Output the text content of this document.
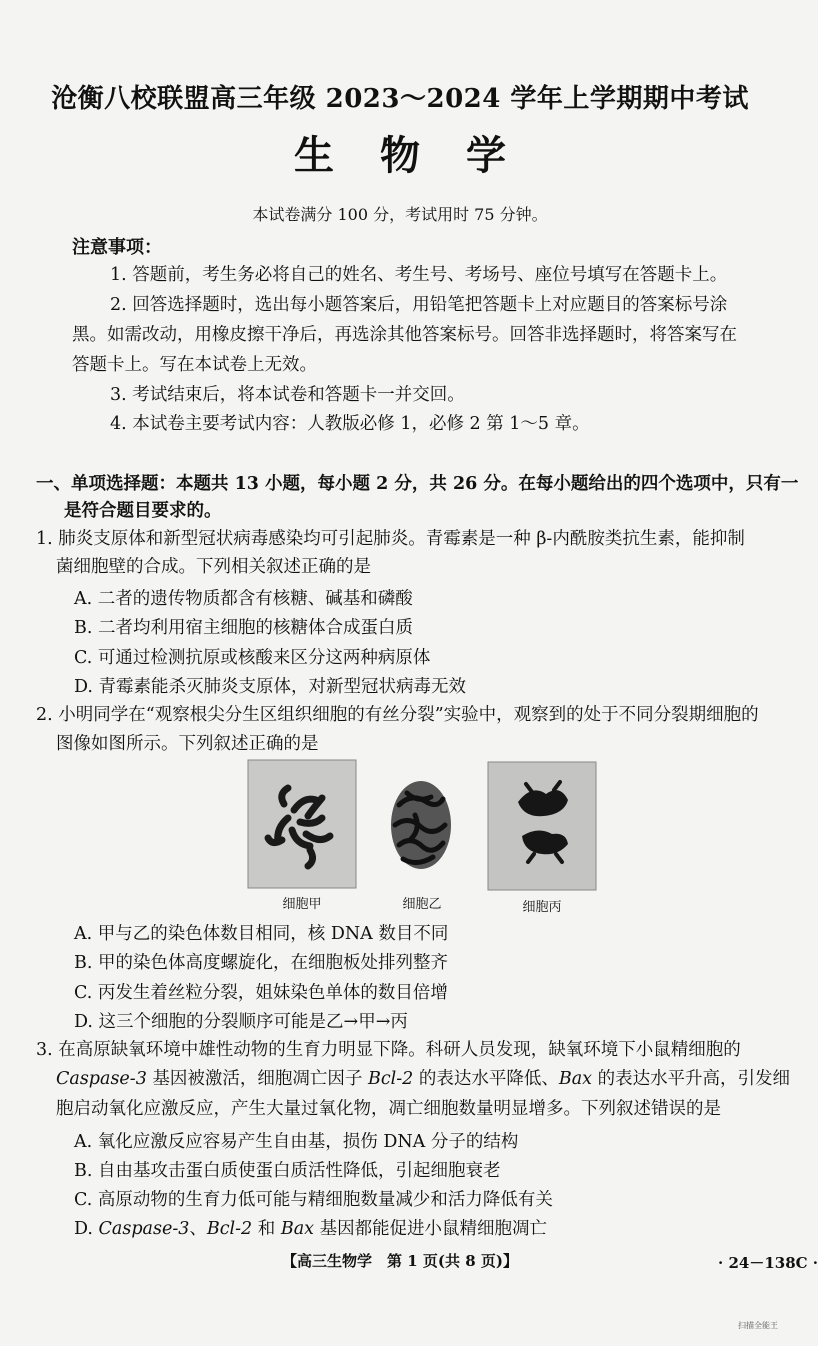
沧衡八校联盟高三年级 2023～2024 学年上学期期中考试
生物学
本试卷满分 100 分，考试用时 75 分钟。
注意事项：
1. 答题前，考生务必将自己的姓名、考生号、考场号、座位号填写在答题卡上。
2. 回答选择题时，选出每小题答案后，用铅笔把答题卡上对应题目的答案标号涂
黑。如需改动，用橡皮擦干净后，再选涂其他答案标号。回答非选择题时，将答案写在
答题卡上。写在本试卷上无效。
3. 考试结束后，将本试卷和答题卡一并交回。
4. 本试卷主要考试内容：人教版必修 1，必修 2 第 1～5 章。
一、单项选择题：本题共 13 小题，每小题 2 分，共 26 分。在每小题给出的四个选项中，只有一
是符合题目要求的。
1. 肺炎支原体和新型冠状病毒感染均可引起肺炎。青霉素是一种 β-内酰胺类抗生素，能抑制
菌细胞壁的合成。下列相关叙述正确的是
A. 二者的遗传物质都含有核糖、碱基和磷酸
B. 二者均利用宿主细胞的核糖体合成蛋白质
C. 可通过检测抗原或核酸来区分这两种病原体
D. 青霉素能杀灭肺炎支原体，对新型冠状病毒无效
2. 小明同学在“观察根尖分生区组织细胞的有丝分裂”实验中，观察到的处于不同分裂期细胞的
图像如图所示。下列叙述正确的是
细胞甲	细胞乙	细胞丙
A. 甲与乙的染色体数目相同，核 DNA 数目不同
B. 甲的染色体高度螺旋化，在细胞板处排列整齐
C. 丙发生着丝粒分裂，姐妹染色单体的数目倍增
D. 这三个细胞的分裂顺序可能是乙→甲→丙
3. 在高原缺氧环境中雄性动物的生育力明显下降。科研人员发现，缺氧环境下小鼠精细胞的
Caspase-3 基因被激活，细胞凋亡因子 Bcl-2 的表达水平降低、Bax 的表达水平升高，引发细
胞启动氧化应激反应，产生大量过氧化物，凋亡细胞数量明显增多。下列叙述错误的是
A. 氧化应激反应容易产生自由基，损伤 DNA 分子的结构
B. 自由基攻击蛋白质使蛋白质活性降低，引起细胞衰老
C. 高原动物的生育力低可能与精细胞数量减少和活力降低有关
D. Caspase-3、Bcl-2 和 Bax 基因都能促进小鼠精细胞凋亡
【高三生物学　第 1 页(共 8 页)】	· 24－138C ·
扫描全能王
